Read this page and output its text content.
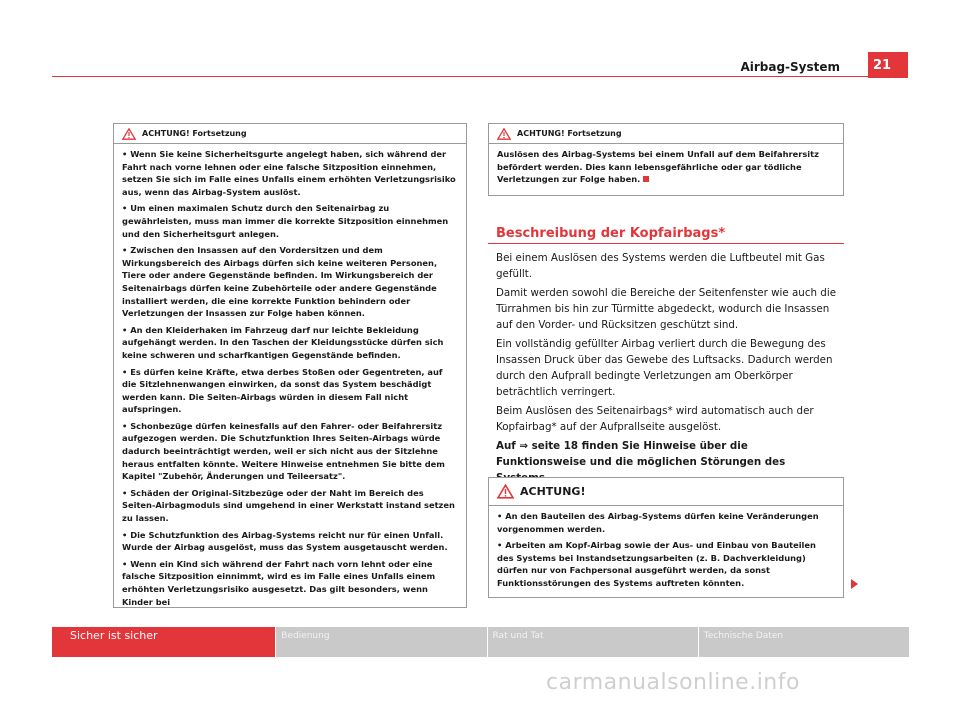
Airbag-System	21
ACHTUNG! Fortsetzung

• Wenn Sie keine Sicherheitsgurte angelegt haben, sich während der Fahrt nach vorne lehnen oder eine falsche Sitzposition einnehmen, setzen Sie sich im Falle eines Unfalls einem erhöhten Verletzungsrisiko aus, wenn das Airbag-System auslöst.

• Um einen maximalen Schutz durch den Seitenairbag zu gewährleisten, muss man immer die korrekte Sitzposition einnehmen und den Sicherheitsgurt anlegen.

• Zwischen den Insassen auf den Vordersitzen und dem Wirkungsbereich des Airbags dürfen sich keine weiteren Personen, Tiere oder andere Gegenstände befinden. Im Wirkungsbereich der Seitenairbags dürfen keine Zubehörteile oder andere Gegenstände installiert werden, die eine korrekte Funktion behindern oder Verletzungen der Insassen zur Folge haben können.

• An den Kleiderhaken im Fahrzeug darf nur leichte Bekleidung aufgehängt werden. In den Taschen der Kleidungsstücke dürfen sich keine schweren und scharfkantigen Gegenstände befinden.

• Es dürfen keine Kräfte, etwa derbes Stoßen oder Gegentreten, auf die Sitzlehnenwangen einwirken, da sonst das System beschädigt werden kann. Die Seiten-Airbags würden in diesem Fall nicht aufspringen.

• Schonbezüge dürfen keinesfalls auf den Fahrer- oder Beifahrersitz aufgezogen werden. Die Schutzfunktion Ihres Seiten-Airbags würde dadurch beeinträchtigt werden, weil er sich nicht aus der Sitzlehne heraus entfalten könnte. Weitere Hinweise entnehmen Sie bitte dem Kapitel "Zubehör, Änderungen und Teileersatz".

• Schäden der Original-Sitzbezüge oder der Naht im Bereich des Seiten-Airbagmoduls sind umgehend in einer Werkstatt instand setzen zu lassen.

• Die Schutzfunktion des Airbag-Systems reicht nur für einen Unfall. Wurde der Airbag ausgelöst, muss das System ausgetauscht werden.

• Wenn ein Kind sich während der Fahrt nach vorn lehnt oder eine falsche Sitzposition einnimmt, wird es im Falle eines Unfalls einem erhöhten Verletzungsrisiko ausgesetzt. Das gilt besonders, wenn Kinder bei

ACHTUNG! Fortsetzung

Auslösen des Airbag-Systems bei einem Unfall auf dem Beifahrersitz befördert werden. Dies kann lebensgefährliche oder gar tödliche Verletzungen zur Folge haben.

Beschreibung der Kopfairbags*

Bei einem Auslösen des Systems werden die Luftbeutel mit Gas gefüllt.

Damit werden sowohl die Bereiche der Seitenfenster wie auch die Türrahmen bis hin zur Türmitte abgedeckt, wodurch die Insassen auf den Vorder- und Rücksitzen geschützt sind.

Ein vollständig gefüllter Airbag verliert durch die Bewegung des Insassen Druck über das Gewebe des Luftsacks. Dadurch werden durch den Aufprall bedingte Verletzungen am Oberkörper beträchtlich verringert.

Beim Auslösen des Seitenairbags* wird automatisch auch der Kopfairbag* auf der Aufprallseite ausgelöst.

Auf ⇒ seite 18 finden Sie Hinweise über die Funktionsweise und die möglichen Störungen des

ACHTUNG!

• An den Bauteilen des Airbag-Systems dürfen keine Veränderungen vorgenommen werden.

• Arbeiten am Kopf-Airbag sowie der Aus- und Einbau von Bauteilen des Systems bei Instandsetzungsarbeiten (z. B. Dachverkleidung) dürfen nur von Fachpersonal ausgeführt werden, da sonst Funktionsstörungen des Systems auftreten könnten.

Sicher ist sicher	Bedienung	Rat und Tat	Technische Daten
carmanualsonline.info
